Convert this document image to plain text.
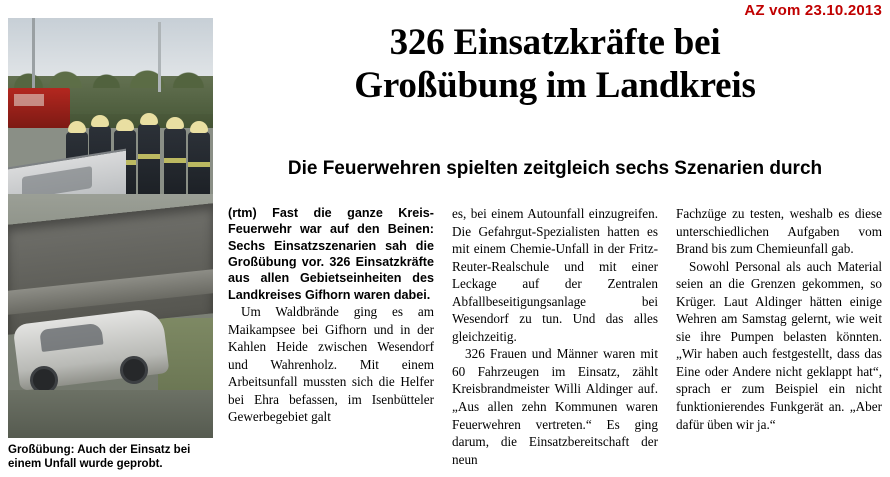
AZ vom 23.10.2013
Großübung: Auch der Einsatz bei einem Unfall wurde geprobt.
326 Einsatzkräfte bei
Großübung im Landkreis
Die Feuerwehren spielten zeitgleich sechs Szenarien durch

(rtm) Fast die ganze Kreis-Feuerwehr war auf den Beinen: Sechs Einsatzszenarien sah die Großübung vor. 326 Einsatzkräfte aus allen Gebietseinheiten des Landkreises Gifhorn waren dabei.

Um Waldbrände ging es am Maikampsee bei Gifhorn und in der Kahlen Heide zwischen Wesendorf und Wahrenholz. Mit einem Arbeitsunfall mussten sich die Helfer bei Ehra befassen, im Isenbütteler Gewerbegebiet galt

es, bei einem Autounfall einzugreifen. Die Gefahrgut-Spezialisten hatten es mit einem Chemie-Unfall in der Fritz-Reuter-Realschule und mit einer Leckage auf der Zentralen Abfallbeseitigungsanlage bei Wesendorf zu tun. Und das alles gleichzeitig.

326 Frauen und Männer waren mit 60 Fahrzeugen im Einsatz, zählt Kreisbrandmeister Willi Aldinger auf. „Aus allen zehn Kommunen waren Feuerwehren vertreten.“ Es ging darum, die Einsatzbereitschaft der neun

Fachzüge zu testen, weshalb es diese unterschiedlichen Aufgaben vom Brand bis zum Chemieunfall gab.

Sowohl Personal als auch Material seien an die Grenzen gekommen, so Krüger. Laut Aldinger hätten einige Wehren am Samstag gelernt, wie weit sie ihre Pumpen belasten könnten. „Wir haben auch festgestellt, dass das Eine oder Andere nicht geklappt hat“, sprach er zum Beispiel ein nicht funktionierendes Funkgerät an. „Aber dafür üben wir ja.“
